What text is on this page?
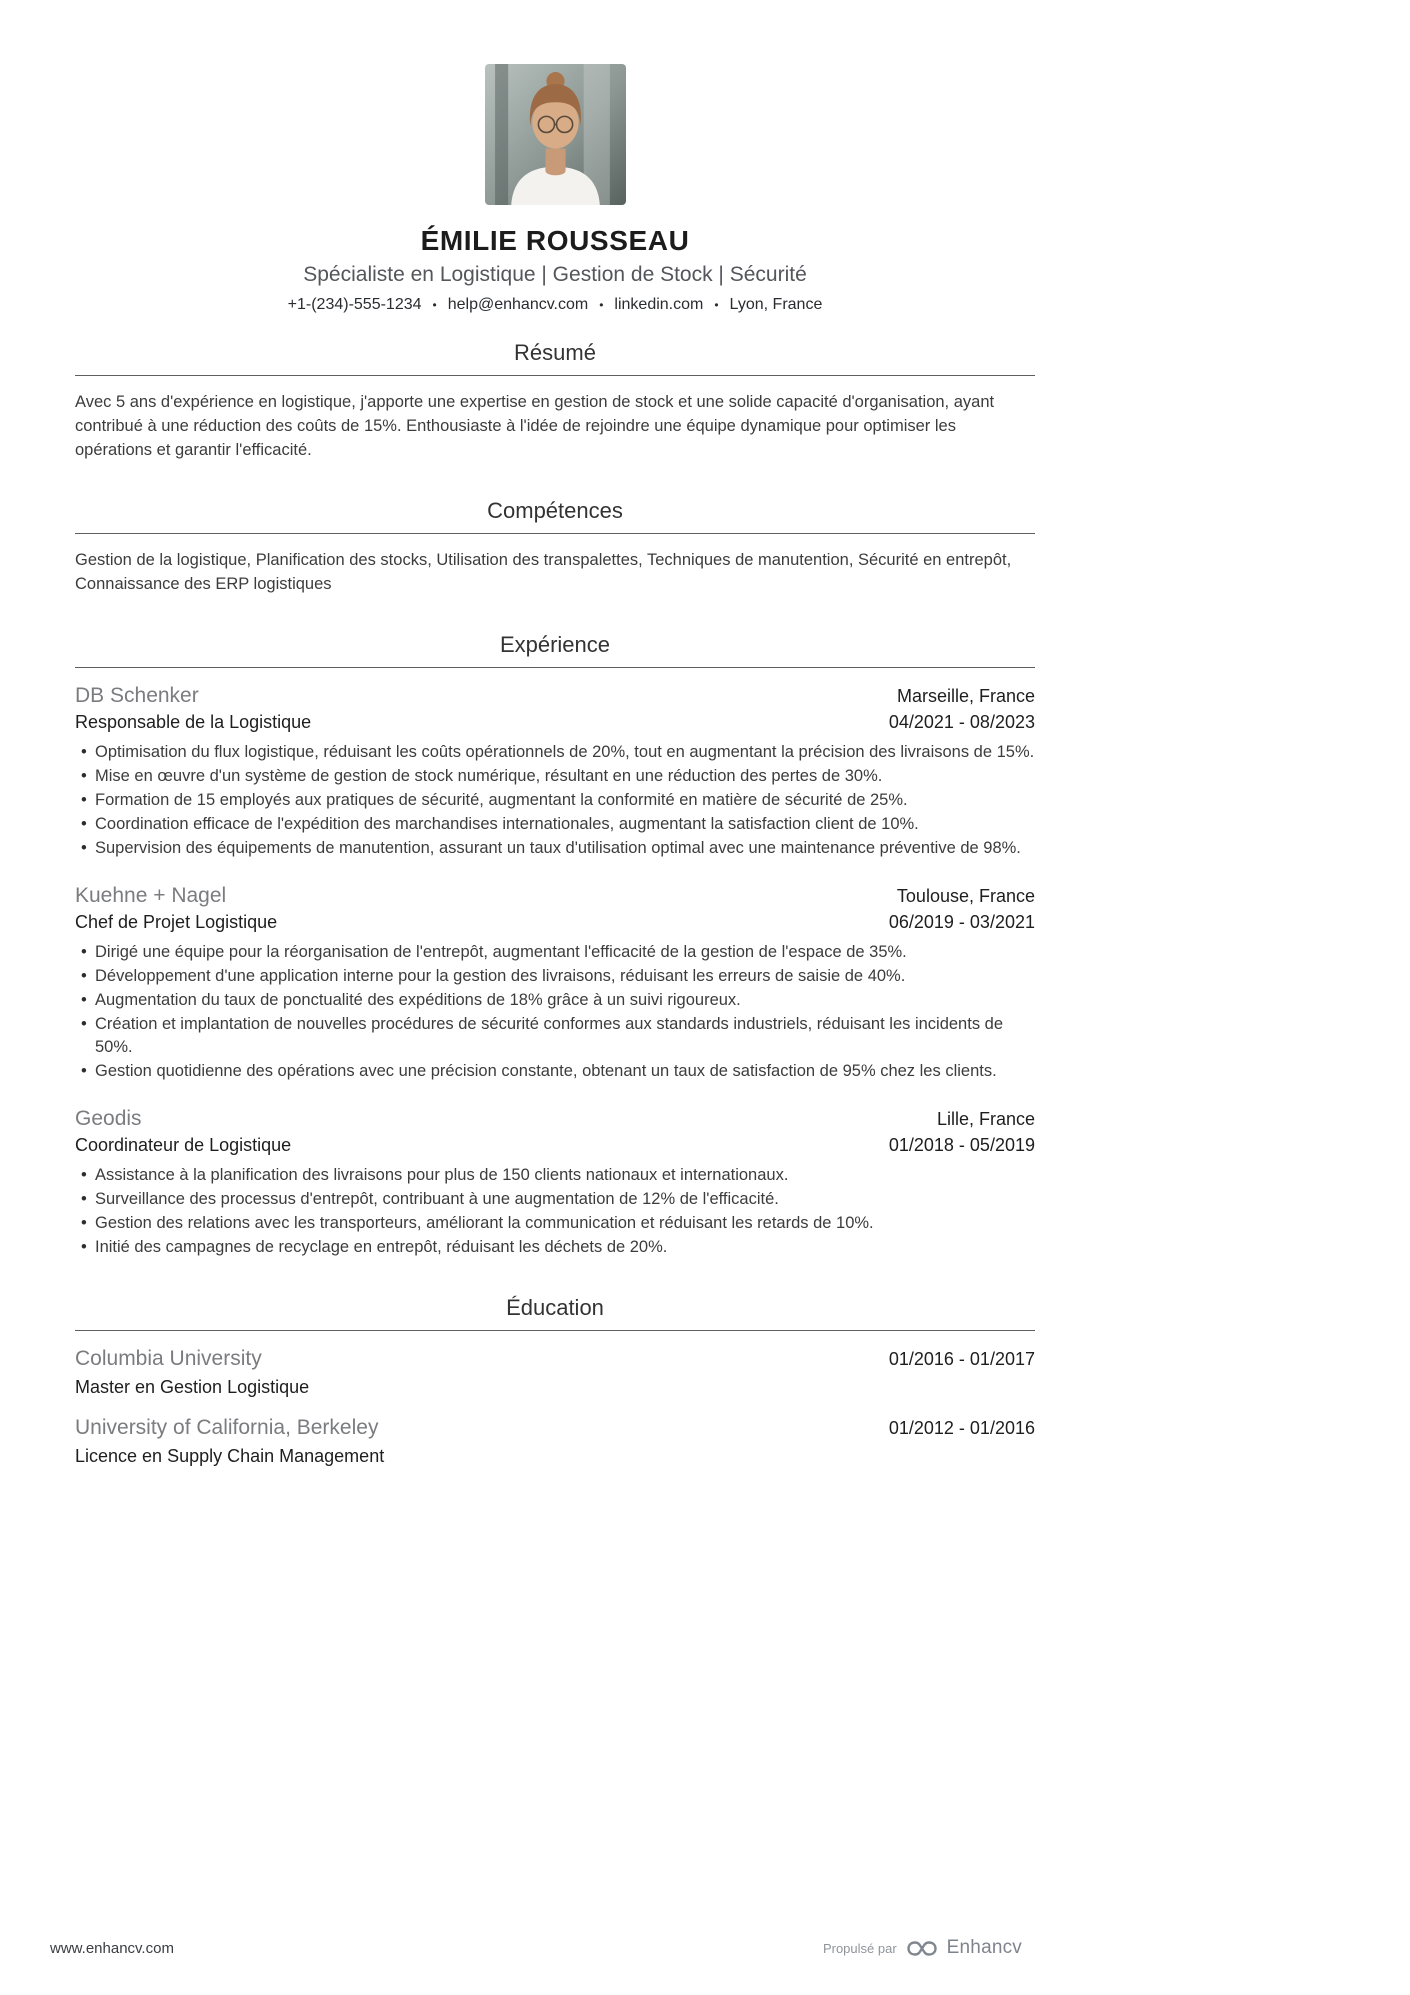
ÉMILIE ROUSSEAU
Spécialiste en Logistique | Gestion de Stock | Sécurité
+1-(234)-555-1234 • help@enhancv.com • linkedin.com • Lyon, France
Résumé

Avec 5 ans d'expérience en logistique, j'apporte une expertise en gestion de stock et une solide capacité d'organisation, ayant contribué à une réduction des coûts de 15%. Enthousiaste à l'idée de rejoindre une équipe dynamique pour optimiser les opérations et garantir l'efficacité.

Compétences

Gestion de la logistique, Planification des stocks, Utilisation des transpalettes, Techniques de manutention, Sécurité en entrepôt, Connaissance des ERP logistiques

Expérience
DB Schenker	Marseille, France
Responsable de la Logistique	04/2021 - 08/2023
• Optimisation du flux logistique, réduisant les coûts opérationnels de 20%, tout en augmentant la précision des livraisons de 15%.
• Mise en œuvre d'un système de gestion de stock numérique, résultant en une réduction des pertes de 30%.
• Formation de 15 employés aux pratiques de sécurité, augmentant la conformité en matière de sécurité de 25%.
• Coordination efficace de l'expédition des marchandises internationales, augmentant la satisfaction client de 10%.
• Supervision des équipements de manutention, assurant un taux d'utilisation optimal avec une maintenance préventive de 98%.
Kuehne + Nagel	Toulouse, France
Chef de Projet Logistique	06/2019 - 03/2021
• Dirigé une équipe pour la réorganisation de l'entrepôt, augmentant l'efficacité de la gestion de l'espace de 35%.
• Développement d'une application interne pour la gestion des livraisons, réduisant les erreurs de saisie de 40%.
• Augmentation du taux de ponctualité des expéditions de 18% grâce à un suivi rigoureux.
• Création et implantation de nouvelles procédures de sécurité conformes aux standards industriels, réduisant les incidents de 50%.
• Gestion quotidienne des opérations avec une précision constante, obtenant un taux de satisfaction de 95% chez les clients.
Geodis	Lille, France
Coordinateur de Logistique	01/2018 - 05/2019
• Assistance à la planification des livraisons pour plus de 150 clients nationaux et internationaux.
• Surveillance des processus d'entrepôt, contribuant à une augmentation de 12% de l'efficacité.
• Gestion des relations avec les transporteurs, améliorant la communication et réduisant les retards de 10%.
• Initié des campagnes de recyclage en entrepôt, réduisant les déchets de 20%.
Éducation
Columbia University	01/2016 - 01/2017
Master en Gestion Logistique
University of California, Berkeley	01/2012 - 01/2016
Licence en Supply Chain Management
www.enhancv.com	Propulsé par	Enhancv
